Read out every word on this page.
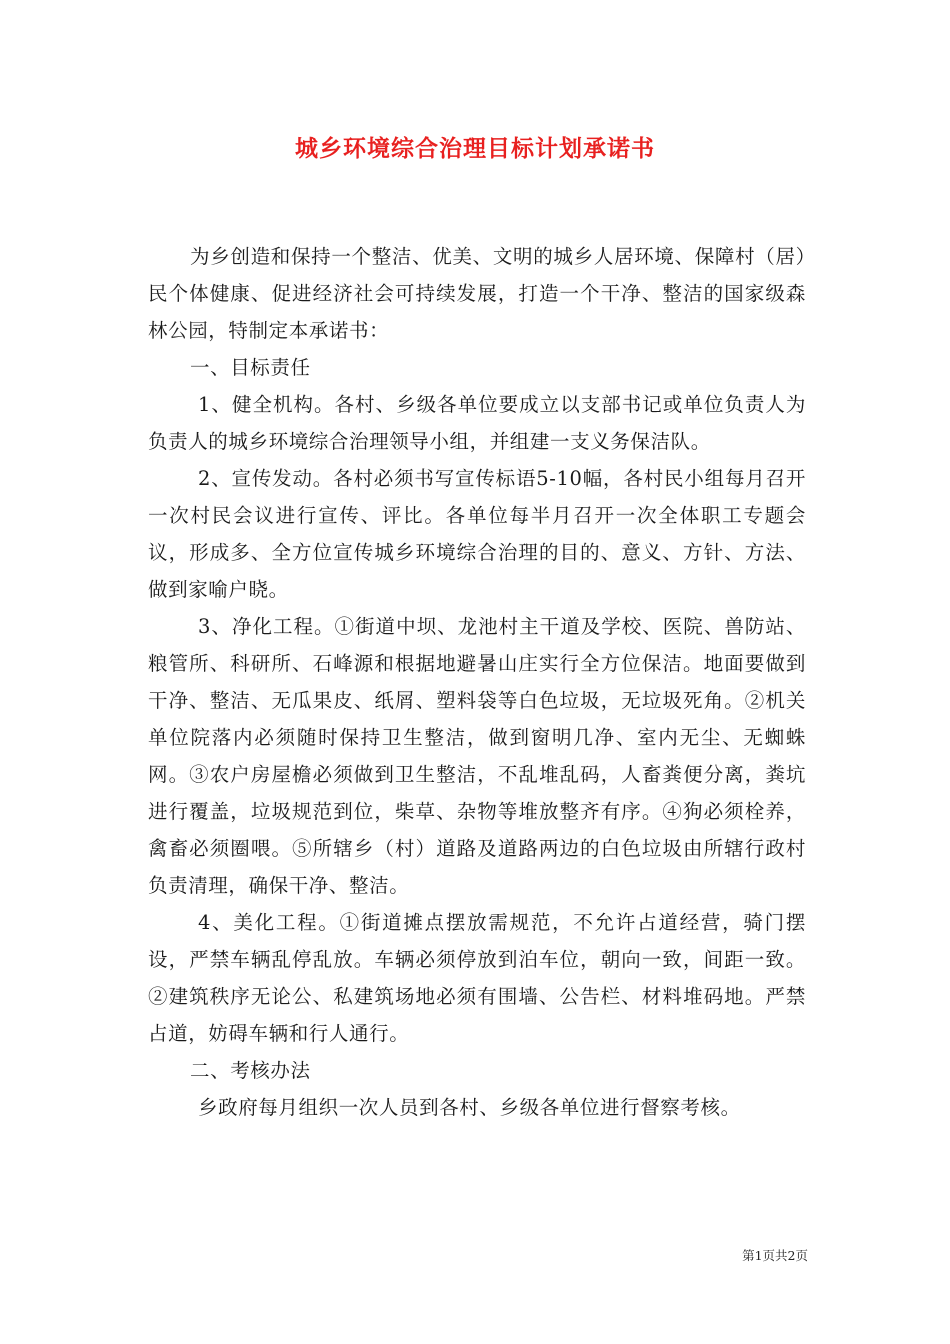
城乡环境综合治理目标计划承诺书

为乡创造和保持一个整洁、优美、文明的城乡人居环境、保障村（居）民个体健康、促进经济社会可持续发展，打造一个干净、整洁的国家级森林公园，特制定本承诺书：

一、目标责任

1、健全机构。各村、乡级各单位要成立以支部书记或单位负责人为负责人的城乡环境综合治理领导小组，并组建一支义务保洁队。

2、宣传发动。各村必须书写宣传标语5-10幅，各村民小组每月召开一次村民会议进行宣传、评比。各单位每半月召开一次全体职工专题会议，形成多、全方位宣传城乡环境综合治理的目的、意义、方针、方法、做到家喻户晓。

3、净化工程。①街道中坝、龙池村主干道及学校、医院、兽防站、粮管所、科研所、石峰源和根据地避暑山庄实行全方位保洁。地面要做到干净、整洁、无瓜果皮、纸屑、塑料袋等白色垃圾，无垃圾死角。②机关单位院落内必须随时保持卫生整洁，做到窗明几净、室内无尘、无蜘蛛网。③农户房屋檐必须做到卫生整洁，不乱堆乱码，人畜粪便分离，粪坑进行覆盖，垃圾规范到位，柴草、杂物等堆放整齐有序。④狗必须栓养，禽畜必须圈喂。⑤所辖乡（村）道路及道路两边的白色垃圾由所辖行政村负责清理，确保干净、整洁。

4、美化工程。①街道摊点摆放需规范，不允许占道经营，骑门摆设，严禁车辆乱停乱放。车辆必须停放到泊车位，朝向一致，间距一致。②建筑秩序无论公、私建筑场地必须有围墙、公告栏、材料堆码地。严禁占道，妨碍车辆和行人通行。

二、考核办法

乡政府每月组织一次人员到各村、乡级各单位进行督察考核。

第1页共2页
